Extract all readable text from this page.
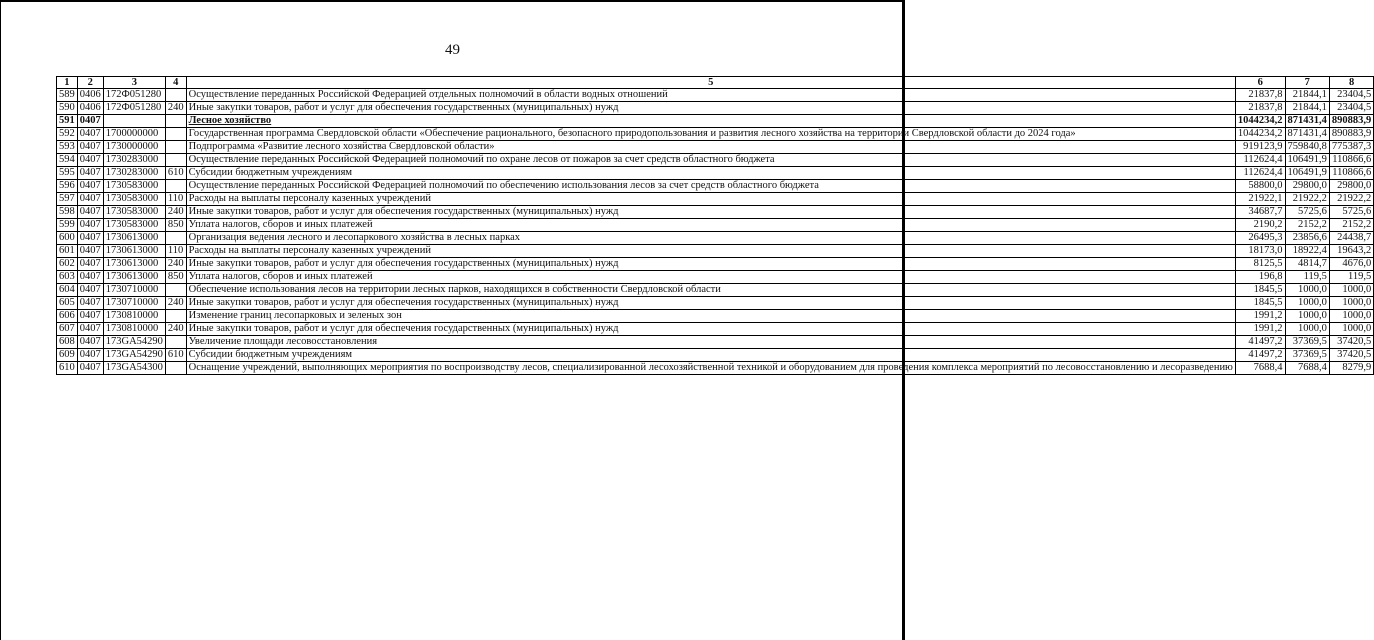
49
1	2	3	4	5	6	7	8
589	0406	172Ф051280		Осуществление переданных Российской Федерацией отдельных полномочий в области водных отношений	21837,8	21844,1	23404,5
590	0406	172Ф051280	240	Иные закупки товаров, работ и услуг для обеспечения государственных (муниципальных) нужд	21837,8	21844,1	23404,5
591	0407			Лесное хозяйство	1044234,2	871431,4	890883,9
592	0407	1700000000		Государственная программа Свердловской области «Обеспечение рационального, безопасного природопользования и развития лесного хозяйства на территории Свердловской области до 2024 года»	1044234,2	871431,4	890883,9
593	0407	1730000000		Подпрограмма «Развитие лесного хозяйства Свердловской области»	919123,9	759840,8	775387,3
594	0407	1730283000		Осуществление переданных Российской Федерацией полномочий по охране лесов от пожаров за счет средств областного бюджета	112624,4	106491,9	110866,6
595	0407	1730283000	610	Субсидии бюджетным учреждениям	112624,4	106491,9	110866,6
596	0407	1730583000		Осуществление переданных Российской Федерацией полномочий по обеспечению использования лесов за счет средств областного бюджета	58800,0	29800,0	29800,0
597	0407	1730583000	110	Расходы на выплаты персоналу казенных учреждений	21922,1	21922,2	21922,2
598	0407	1730583000	240	Иные закупки товаров, работ и услуг для обеспечения государственных (муниципальных) нужд	34687,7	5725,6	5725,6
599	0407	1730583000	850	Уплата налогов, сборов и иных платежей	2190,2	2152,2	2152,2
600	0407	1730613000		Организация ведения лесного и лесопаркового хозяйства в лесных парках	26495,3	23856,6	24438,7
601	0407	1730613000	110	Расходы на выплаты персоналу казенных учреждений	18173,0	18922,4	19643,2
602	0407	1730613000	240	Иные закупки товаров, работ и услуг для обеспечения государственных (муниципальных) нужд	8125,5	4814,7	4676,0
603	0407	1730613000	850	Уплата налогов, сборов и иных платежей	196,8	119,5	119,5
604	0407	1730710000		Обеспечение использования лесов на территории лесных парков, находящихся в собственности Свердловской области	1845,5	1000,0	1000,0
605	0407	1730710000	240	Иные закупки товаров, работ и услуг для обеспечения государственных (муниципальных) нужд	1845,5	1000,0	1000,0
606	0407	1730810000		Изменение границ лесопарковых и зеленых зон	1991,2	1000,0	1000,0
607	0407	1730810000	240	Иные закупки товаров, работ и услуг для обеспечения государственных (муниципальных) нужд	1991,2	1000,0	1000,0
608	0407	173GA54290		Увеличение площади лесовосстановления	41497,2	37369,5	37420,5
609	0407	173GA54290	610	Субсидии бюджетным учреждениям	41497,2	37369,5	37420,5
610	0407	173GA54300		Оснащение учреждений, выполняющих мероприятия по воспроизводству лесов, специализированной лесохозяйственной техникой и оборудованием для проведения комплекса мероприятий по лесовосстановлению и лесоразведению	7688,4	7688,4	8279,9
